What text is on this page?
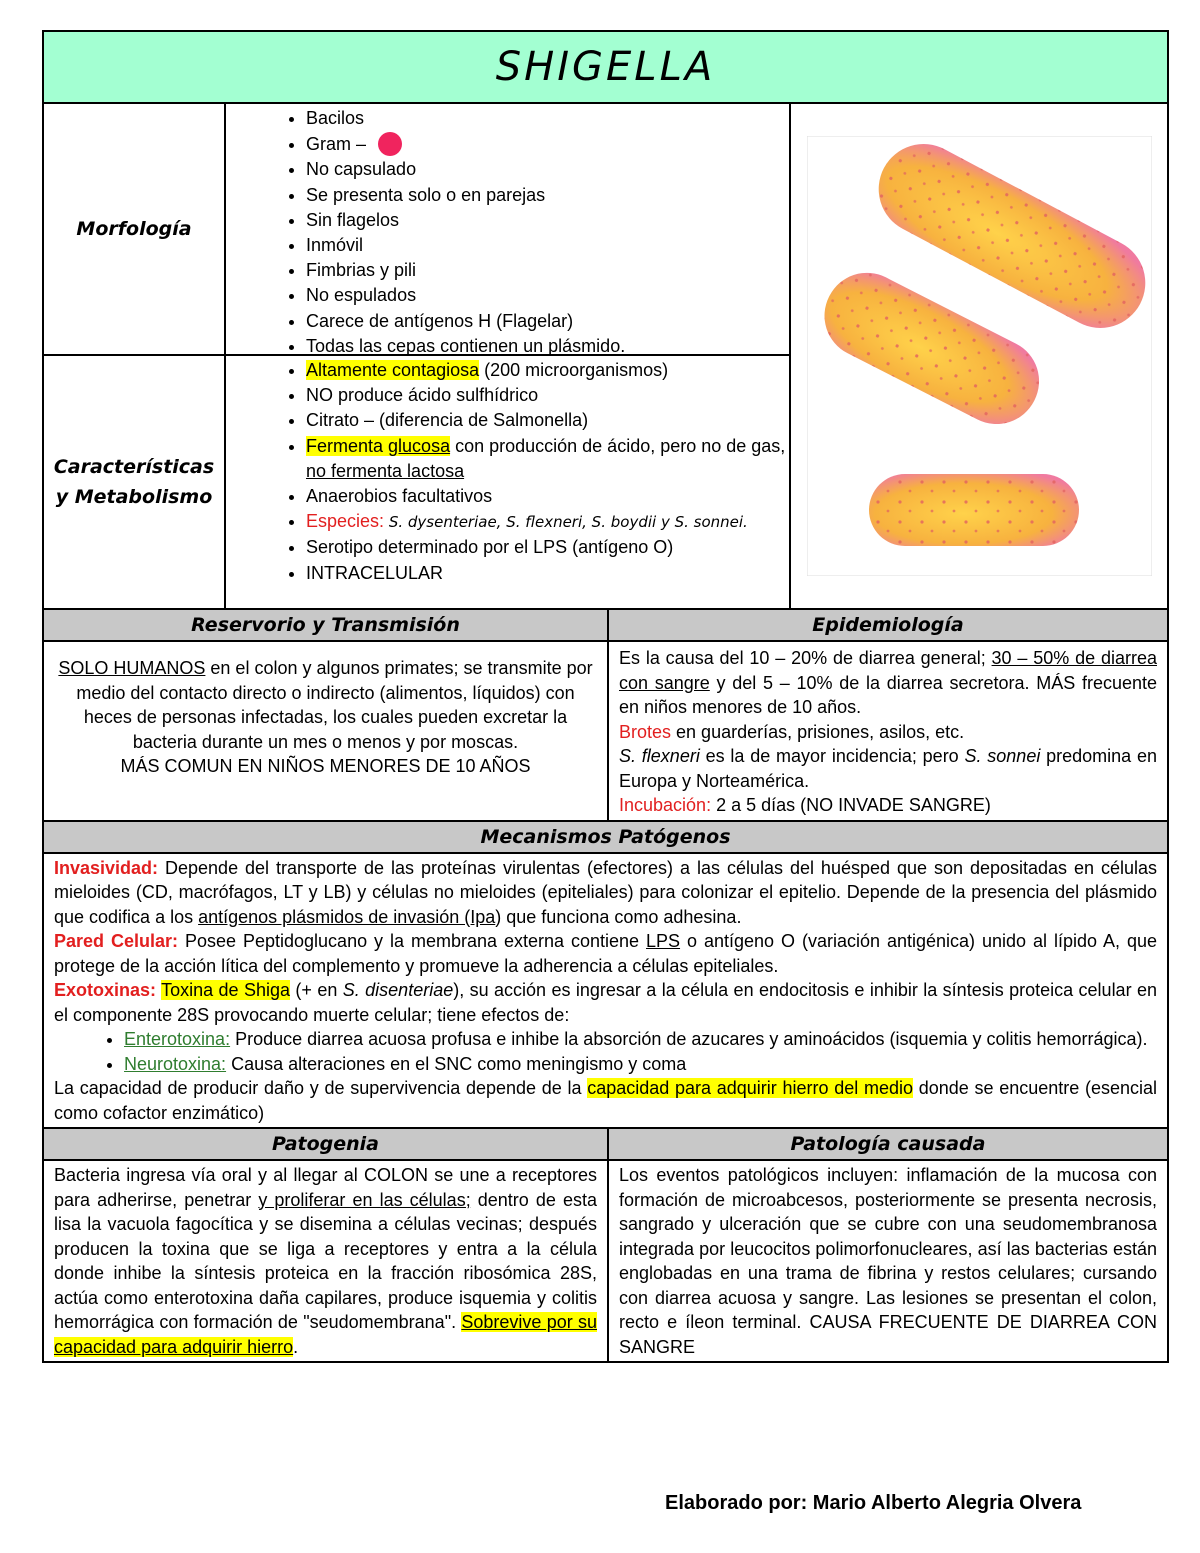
SHIGELLA
Morfología
• Bacilos
• Gram –
• No capsulado
• Se presenta solo o en parejas
• Sin flagelos
• Inmóvil
• Fimbrias y pili
• No espulados
• Carece de antígenos H (Flagelar)
• Todas las cepas contienen un plásmido.
Características
y Metabolismo
• Altamente contagiosa (200 microorganismos)
• NO produce ácido sulfhídrico
• Citrato – (diferencia de Salmonella)
• Fermenta glucosa con producción de ácido, pero no de gas, no fermenta lactosa
• Anaerobios facultativos
• Especies: S. dysenteriae, S. flexneri, S. boydii y S. sonnei.
• Serotipo determinado por el LPS (antígeno O)
• INTRACELULAR
Reservorio y Transmisión
SOLO HUMANOS en el colon y algunos primates; se transmite por medio del contacto directo o indirecto (alimentos, líquidos) con heces de personas infectadas, los cuales pueden excretar la bacteria durante un mes o menos y por moscas.
MÁS COMUN EN NIÑOS MENORES DE 10 AÑOS
Epidemiología
Es la causa del 10 – 20% de diarrea general; 30 – 50% de diarrea con sangre y del 5 – 10% de la diarrea secretora. MÁS frecuente en niños menores de 10 años.
Brotes en guarderías, prisiones, asilos, etc.
S. flexneri es la de mayor incidencia; pero S. sonnei predomina en Europa y Norteamérica.
Incubación: 2 a 5 días (NO INVADE SANGRE)
Mecanismos Patógenos
Invasividad: Depende del transporte de las proteínas virulentas (efectores) a las células del huésped que son depositadas en células mieloides (CD, macrófagos, LT y LB) y células no mieloides (epiteliales) para colonizar el epitelio. Depende de la presencia del plásmido que codifica a los antígenos plásmidos de invasión (Ipa) que funciona como adhesina.
Pared Celular: Posee Peptidoglucano y la membrana externa contiene LPS o antígeno O (variación antigénica) unido al lípido A, que protege de la acción lítica del complemento y promueve la adherencia a células epiteliales.
Exotoxinas: Toxina de Shiga (+ en S. disenteriae), su acción es ingresar a la célula en endocitosis e inhibir la síntesis proteica celular en el componente 28S provocando muerte celular; tiene efectos de:
• Enterotoxina: Produce diarrea acuosa profusa e inhibe la absorción de azucares y aminoácidos (isquemia y colitis hemorrágica).
• Neurotoxina: Causa alteraciones en el SNC como meningismo y coma
La capacidad de producir daño y de supervivencia depende de la capacidad para adquirir hierro del medio donde se encuentre (esencial como cofactor enzimático)
Patogenia
Bacteria ingresa vía oral y al llegar al COLON se une a receptores para adherirse, penetrar y proliferar en las células; dentro de esta lisa la vacuola fagocítica y se disemina a células vecinas; después producen la toxina que se liga a receptores y entra a la célula donde inhibe la síntesis proteica en la fracción ribosómica 28S, actúa como enterotoxina daña capilares, produce isquemia y colitis hemorrágica con formación de "seudomembrana". Sobrevive por su capacidad para adquirir hierro.
Patología causada
Los eventos patológicos incluyen: inflamación de la mucosa con formación de microabcesos, posteriormente se presenta necrosis, sangrado y ulceración que se cubre con una seudomembranosa integrada por leucocitos polimorfonucleares, así las bacterias están englobadas en una trama de fibrina y restos celulares; cursando con diarrea acuosa y sangre. Las lesiones se presentan el colon, recto e íleon terminal. CAUSA FRECUENTE DE DIARREA CON SANGRE
Elaborado por: Mario Alberto Alegria Olvera
